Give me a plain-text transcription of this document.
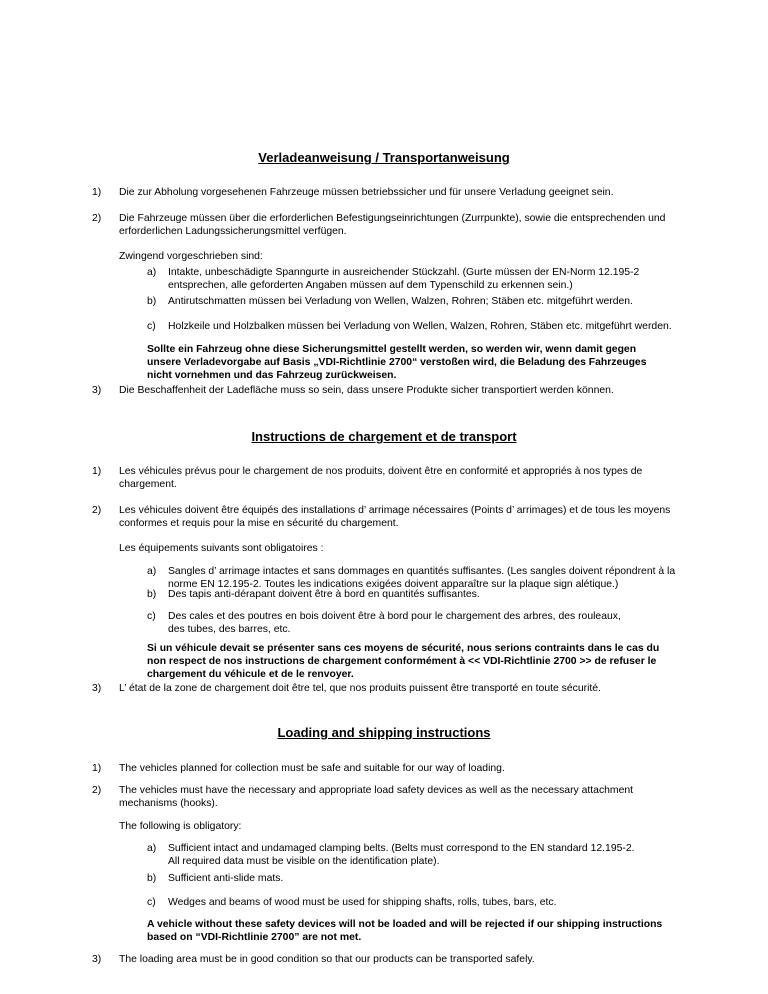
Verladeanweisung / Transportanweisung
1) Die zur Abholung vorgesehenen Fahrzeuge müssen betriebssicher und für unsere Verladung geeignet sein.
2) Die Fahrzeuge müssen über die erforderlichen Befestigungseinrichtungen (Zurrpunkte), sowie die entsprechenden und
erforderlichen Ladungssicherungsmittel verfügen.
Zwingend vorgeschrieben sind:
a) Intakte, unbeschädigte Spanngurte in ausreichender Stückzahl. (Gurte müssen der EN-Norm 12.195-2
entsprechen, alle geforderten Angaben müssen auf dem Typenschild zu erkennen sein.)
b) Antirutschmatten müssen bei Verladung von Wellen, Walzen, Rohren; Stäben etc. mitgeführt werden.
c) Holzkeile und Holzbalken müssen bei Verladung von Wellen, Walzen, Rohren, Stäben etc. mitgeführt werden.
Sollte ein Fahrzeug ohne diese Sicherungsmittel gestellt werden, so werden wir, wenn damit gegen
unsere Verladevorgabe auf Basis „VDI-Richtlinie 2700“ verstoßen wird, die Beladung des Fahrzeuges
nicht vornehmen und das Fahrzeug zurückweisen.
3) Die Beschaffenheit der Ladefläche muss so sein, dass unsere Produkte sicher transportiert werden können.
Instructions de chargement et de transport
1) Les véhicules prévus pour le chargement de nos produits, doivent être en conformité et appropriés à nos types de
chargement.
2) Les véhicules doivent être équipés des installations d’ arrimage nécessaires (Points d’ arrimages) et de tous les moyens
conformes et requis pour la mise en sécurité du chargement.
Les équipements suivants sont obligatoires :
a) Sangles d’ arrimage intactes et sans dommages en quantités suffisantes. (Les sangles doivent répondrent à la
norme EN 12.195-2. Toutes les indications exigées doivent apparaître sur la plaque sign alétique.)
b) Des tapis anti-dérapant doivent être à bord en quantités suffisantes.
c) Des cales et des poutres en bois doivent être à bord pour le chargement des arbres, des rouleaux,
des tubes, des barres, etc.
Si un véhicule devait se présenter sans ces moyens de sécurité, nous serions contraints dans le cas du
non respect de nos instructions de chargement conformément à << VDI-Richtlinie 2700 >> de refuser le
chargement du véhicule et de le renvoyer.
3) L’ état de la zone de chargement doit être tel, que nos produits puissent être transporté en toute sécurité.
Loading and shipping instructions
1) The vehicles planned for collection must be safe and suitable for our way of loading.
2) The vehicles must have the necessary and appropriate load safety devices as well as the necessary attachment
mechanisms (hooks).
The following is obligatory:
a) Sufficient intact and undamaged clamping belts. (Belts must correspond to the EN standard 12.195-2.
All required data must be visible on the identification plate).
b) Sufficient anti-slide mats.
c) Wedges and beams of wood must be used for shipping shafts, rolls, tubes, bars, etc.
A vehicle without these safety devices will not be loaded and will be rejected if our shipping instructions
based on “VDI-Richtlinie 2700” are not met.
3) The loading area must be in good condition so that our products can be transported safely.
